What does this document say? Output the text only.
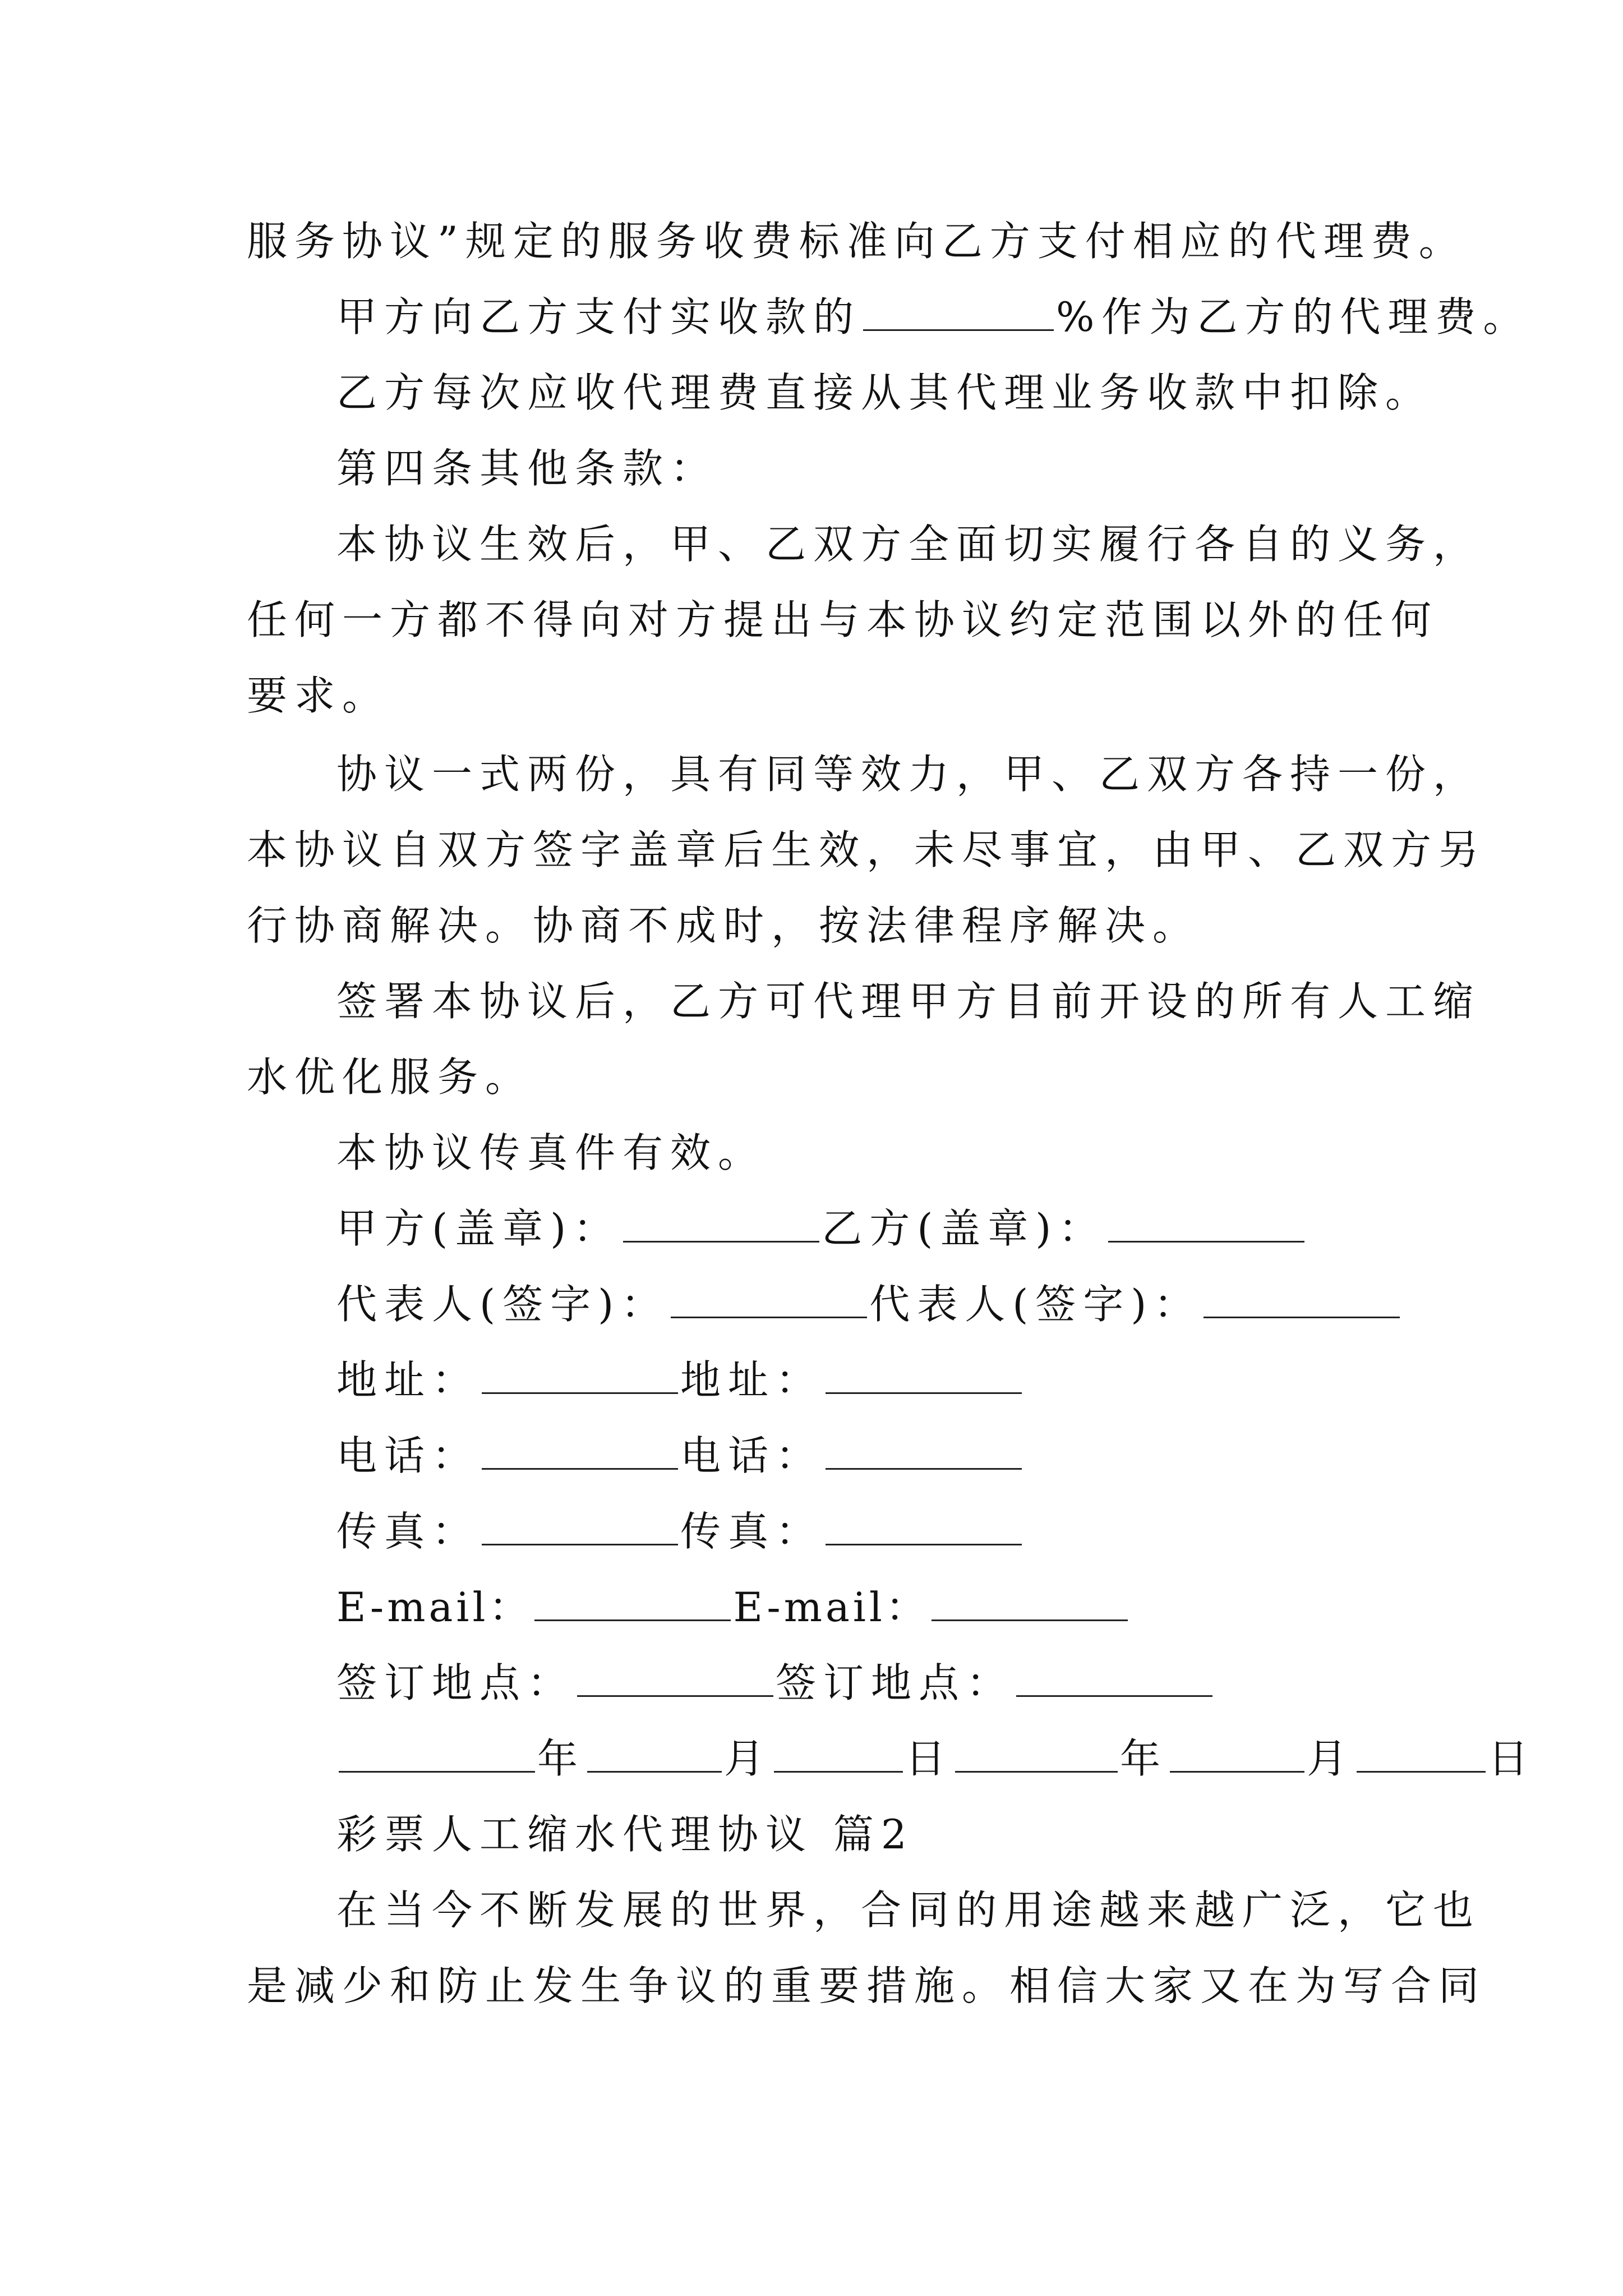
服务协议”规定的服务收费标准向乙方支付相应的代理费。
甲方向乙方支付实收款的	%作为乙方的代理费。
乙方每次应收代理费直接从其代理业务收款中扣除。
第四条其他条款：
本协议生效后，甲、乙双方全面切实履行各自的义务，
任何一方都不得向对方提出与本协议约定范围以外的任何
要求。
协议一式两份，具有同等效力，甲、乙双方各持一份，
本协议自双方签字盖章后生效，未尽事宜，由甲、乙双方另
行协商解决。协商不成时，按法律程序解决。
签署本协议后，乙方可代理甲方目前开设的所有人工缩
水优化服务。
本协议传真件有效。
甲方(盖章)：	乙方(盖章)：
代表人(签字)：	代表人(签字)：
地址：	地址：
电话：	电话：
传真：	传真：
E-mail：	E-mail：
签订地点：	签订地点：
年	月	日	年	月	日
彩票人工缩水代理协议 篇2
在当今不断发展的世界，合同的用途越来越广泛，它也
是减少和防止发生争议的重要措施。相信大家又在为写合同
